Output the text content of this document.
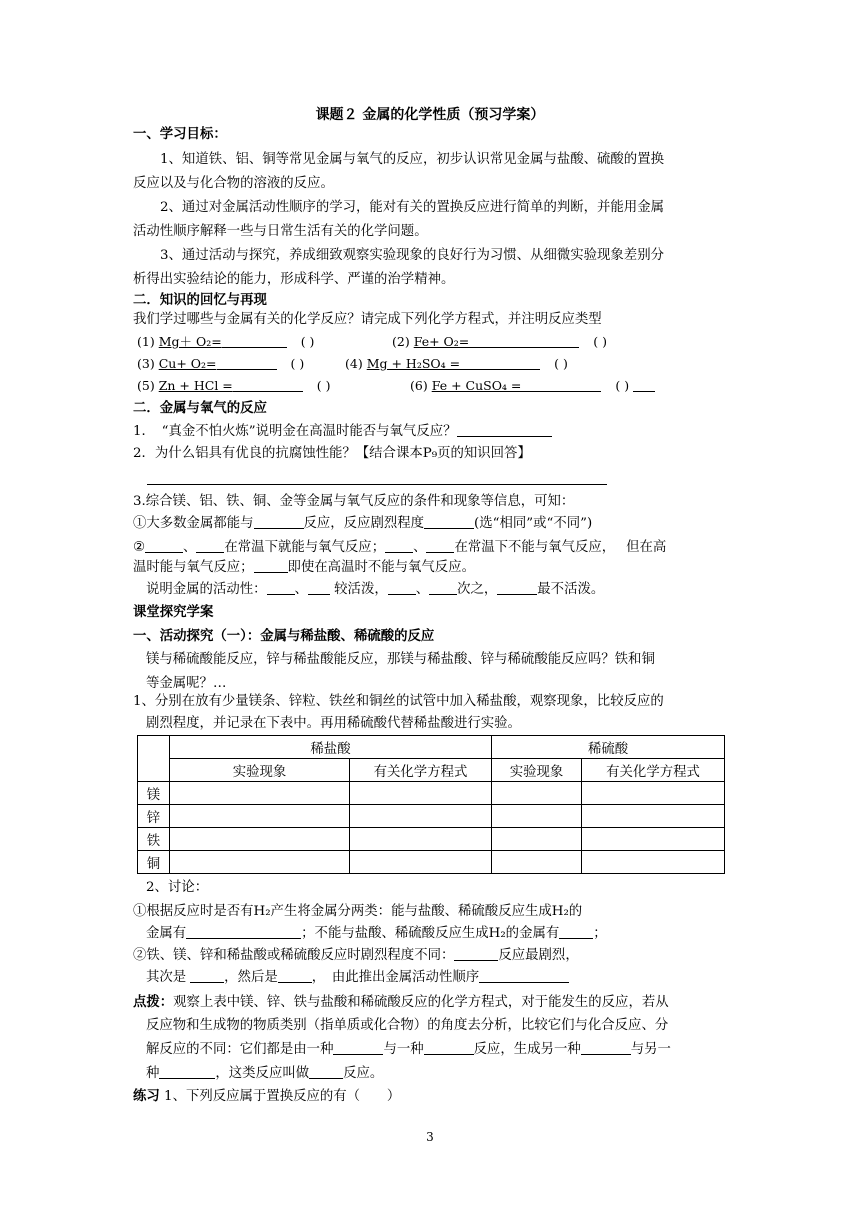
课题２ 金属的化学性质（预习学案）
一、学习目标：
1、知道铁、铝、铜等常见金属与氧气的反应，初步认识常见金属与盐酸、硫酸的置换
反应以及与化合物的溶液的反应。
2、通过对金属活动性顺序的学习，能对有关的置换反应进行简单的判断，并能用金属
活动性顺序解释一些与日常生活有关的化学问题。
3、通过活动与探究，养成细致观察实验现象的良好行为习惯、从细微实验现象差别分
析得出实验结论的能力，形成科学、严谨的治学精神。
二．知识的回忆与再现
我们学过哪些与金属有关的化学反应？请完成下列化学方程式，并注明反应类型
(1) Mg＋ O₂=	( )	(2) Fe+ O₂=	( )
(3) Cu+ O₂=	( )	(4) Mg + H₂SO₄ =	( )
(5) Zn + HCl =	( )	(6) Fe + CuSO₄ =	( )
二．金属与氧气的反应
1．　“真金不怕火炼”说明金在高温时能否与氧气反应？
2．为什么铝具有优良的抗腐蚀性能？【结合课本P₉页的知识回答】
3.综合镁、铝、铁、铜、金等金属与氧气反应的条件和现象等信息，可知：
①大多数金属都能与	反应，反应剧烈程度	(选“相同”或“不同”)
②	、 在常温下就能与氧气反应； 、 在常温下不能与氧气反应，　 但在高
温时能与氧气反应；	即使在高温时不能与氧气反应。
说明金属的活动性： 、 较活泼， 、 次之，	最不活泼。
课堂探究学案
一、活动探究（一）：金属与稀盐酸、稀硫酸的反应
镁与稀硫酸能反应，锌与稀盐酸能反应，那镁与稀盐酸、锌与稀硫酸能反应吗？铁和铜
等金属呢？…
1、分别在放有少量镁条、锌粒、铁丝和铜丝的试管中加入稀盐酸，观察现象，比较反应的
剧烈程度，并记录在下表中。再用稀硫酸代替稀盐酸进行实验。
	稀盐酸		稀硫酸	
	实验现象	有关化学方程式	实验现象	有关化学方程式
镁				
锌				
铁				
铜				
2、讨论：
①根据反应时是否有H₂产生将金属分两类：能与盐酸、稀硫酸反应生成H₂的
金属有	；不能与盐酸、稀硫酸反应生成H₂的金属有	；
②铁、镁、锌和稀盐酸或稀硫酸反应时剧烈程度不同：	反应最剧烈，
其次是	，然后是	，　由此推出金属活动性顺序
点拨：观察上表中镁、锌、铁与盐酸和稀硫酸反应的化学方程式，对于能发生的反应，若从
反应物和生成物的物质类别（指单质或化合物）的角度去分析，比较它们与化合反应、分
解反应的不同：它们都是由一种	与一种	反应，生成另一种	与另一
种	，这类反应叫做	反应。
练习 1、下列反应属于置换反应的有（　　）
3
